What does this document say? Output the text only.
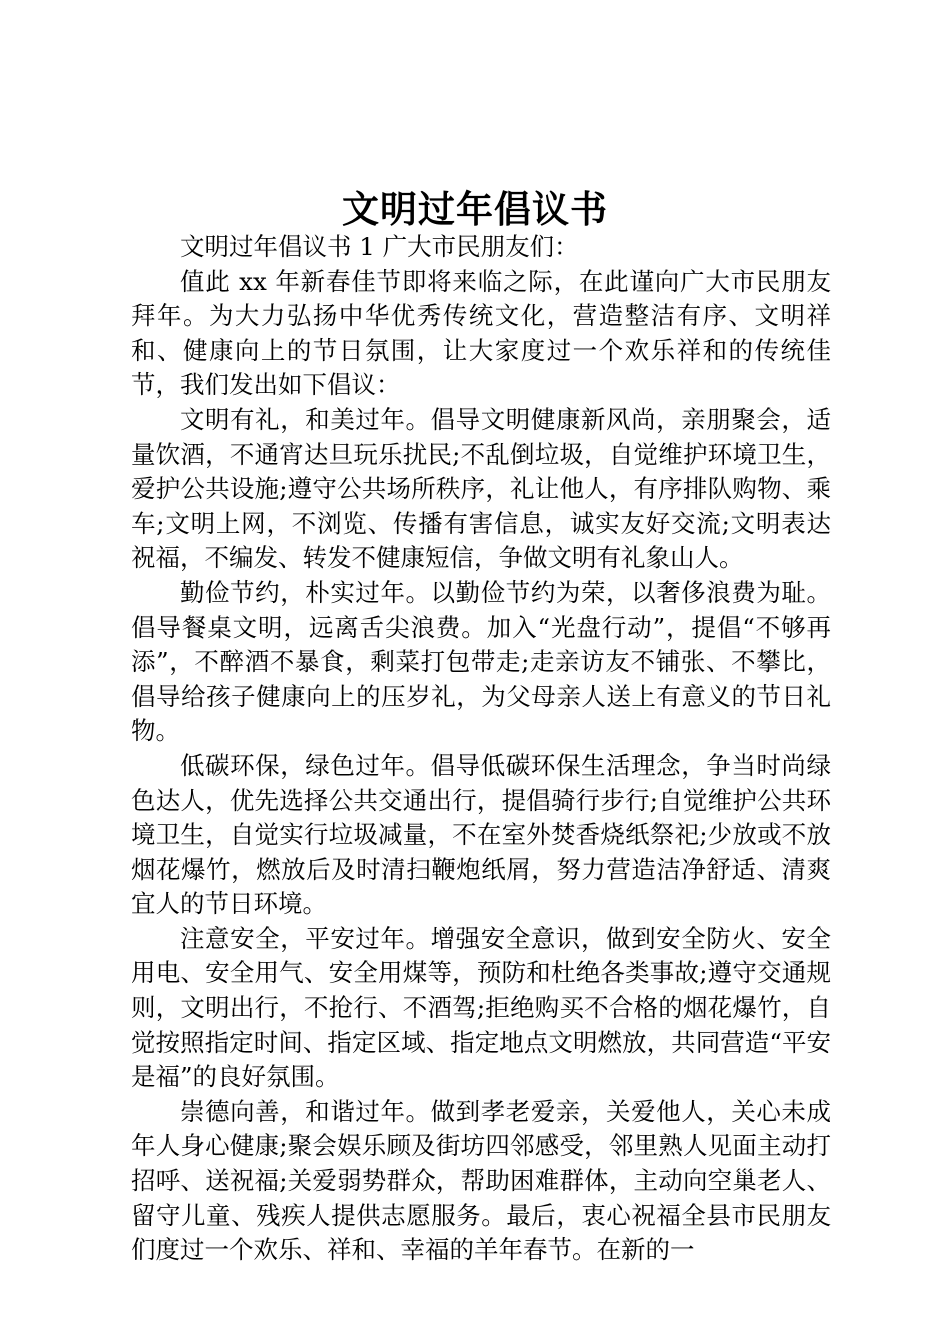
文明过年倡议书

文明过年倡议书 1 广大市民朋友们：

值此 xx 年新春佳节即将来临之际，在此谨向广大市民朋友拜年。为大力弘扬中华优秀传统文化，营造整洁有序、文明祥和、健康向上的节日氛围，让大家度过一个欢乐祥和的传统佳节，我们发出如下倡议：

文明有礼，和美过年。倡导文明健康新风尚，亲朋聚会，适量饮酒，不通宵达旦玩乐扰民;不乱倒垃圾，自觉维护环境卫生，爱护公共设施;遵守公共场所秩序，礼让他人，有序排队购物、乘车;文明上网，不浏览、传播有害信息，诚实友好交流;文明表达祝福，不编发、转发不健康短信，争做文明有礼象山人。

勤俭节约，朴实过年。以勤俭节约为荣，以奢侈浪费为耻。倡导餐桌文明，远离舌尖浪费。加入“光盘行动”，提倡“不够再添”，不醉酒不暴食，剩菜打包带走;走亲访友不铺张、不攀比，倡导给孩子健康向上的压岁礼，为父母亲人送上有意义的节日礼物。

低碳环保，绿色过年。倡导低碳环保生活理念，争当时尚绿色达人，优先选择公共交通出行，提倡骑行步行;自觉维护公共环境卫生，自觉实行垃圾减量，不在室外焚香烧纸祭祀;少放或不放烟花爆竹，燃放后及时清扫鞭炮纸屑，努力营造洁净舒适、清爽宜人的节日环境。

注意安全，平安过年。增强安全意识，做到安全防火、安全用电、安全用气、安全用煤等，预防和杜绝各类事故;遵守交通规则，文明出行，不抢行、不酒驾;拒绝购买不合格的烟花爆竹，自觉按照指定时间、指定区域、指定地点文明燃放，共同营造“平安是福”的良好氛围。

崇德向善，和谐过年。做到孝老爱亲，关爱他人，关心未成年人身心健康;聚会娱乐顾及街坊四邻感受，邻里熟人见面主动打招呼、送祝福;关爱弱势群众，帮助困难群体，主动向空巢老人、留守儿童、残疾人提供志愿服务。最后，衷心祝福全县市民朋友们度过一个欢乐、祥和、幸福的羊年春节。在新的一
